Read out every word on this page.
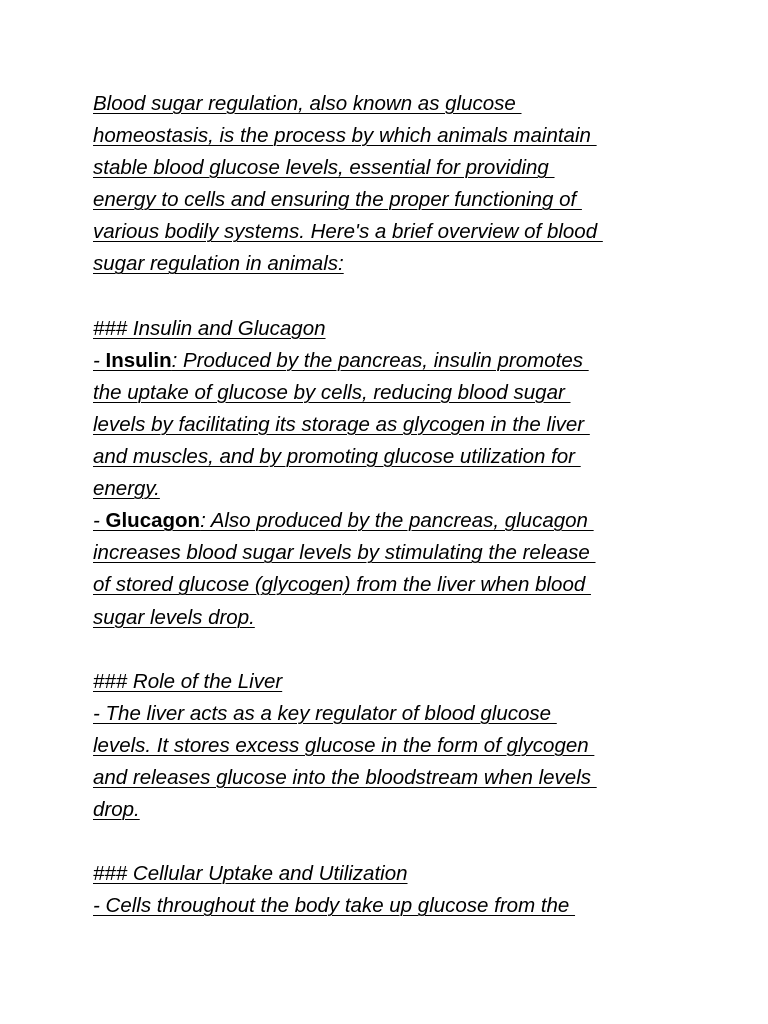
Blood sugar regulation, also known as glucose
homeostasis, is the process by which animals maintain
stable blood glucose levels, essential for providing
energy to cells and ensuring the proper functioning of
various bodily systems. Here's a brief overview of blood
sugar regulation in animals:
### Insulin and Glucagon
- Insulin: Produced by the pancreas, insulin promotes
the uptake of glucose by cells, reducing blood sugar
levels by facilitating its storage as glycogen in the liver
and muscles, and by promoting glucose utilization for
energy.
- Glucagon: Also produced by the pancreas, glucagon
increases blood sugar levels by stimulating the release
of stored glucose (glycogen) from the liver when blood
sugar levels drop.
### Role of the Liver
- The liver acts as a key regulator of blood glucose
levels. It stores excess glucose in the form of glycogen
and releases glucose into the bloodstream when levels
drop.
### Cellular Uptake and Utilization
- Cells throughout the body take up glucose from the
